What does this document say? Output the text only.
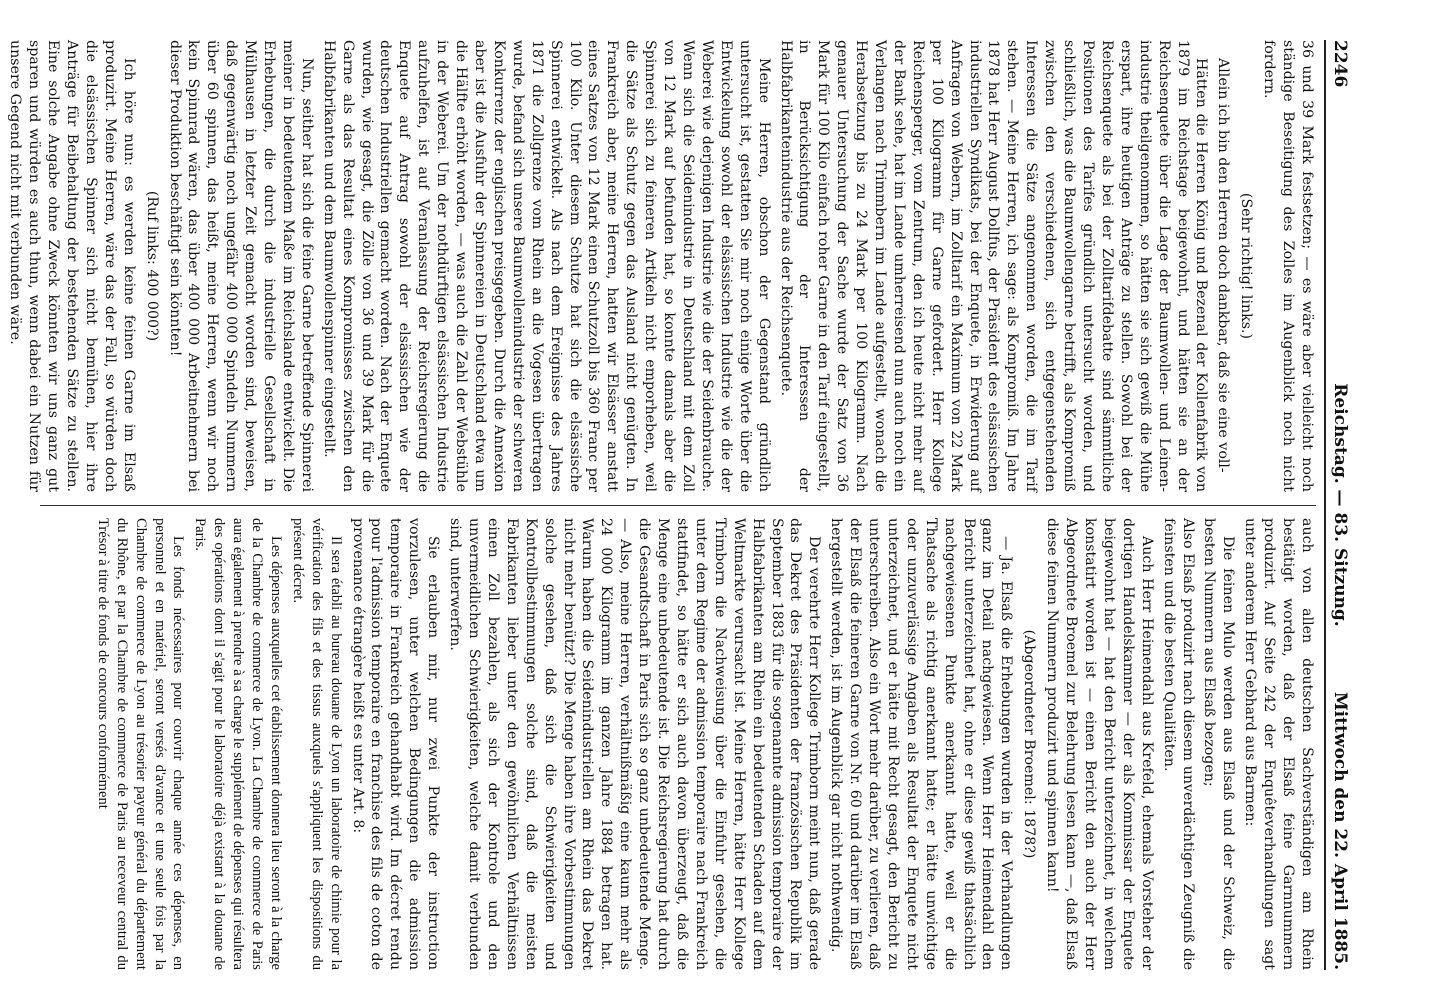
2246
Reichstag. — 83. Sitzung.
Mittwoch den 22. April 1885.

36 und 39 Mark festsetzen; — es wäre aber vielleicht noch ständige Beseitigung des Zolles im Augenblick noch nicht fordern.

(Sehr richtig! links.)

Allein ich bin den Herren doch dankbar, daß sie eine voll-

Hätten die Herren König und Bezenal der Kollenfabrik von 1879 im Reichstage beigewohnt, und hätten sie an der Reichsenquete über die Lage der Baumwollen- und Leinen-industrie theilgenommen, so hätten sie sich gewiß die Mühe erspart, ihre heutigen Anträge zu stellen. Sowohl bei der Reichsenquete als bei der Zolltarifdebatte sind sämmtliche Positionen des Tarifes gründlich untersucht worden, und schließlich, was die Baumwollengarne betrifft, als Kompromiß zwischen den verschiedenen, sich entgegenstehenden Interessen die Sätze angenommen worden, die im Tarif stehen. — Meine Herren, ich sage: als Kompromiß. Im Jahre 1878 hat Herr August Dollfus, der Präsident des elsässischen industriellen Syndikats, bei der Enquete, in Erwiderung auf Anfragen von Webern, im Zolltarif ein Maximum von 22 Mark per 100 Kilogramm für Garne gefordert. Herr Kollege Reichensperger, vom Zentrum, den ich heute nicht mehr auf der Bank sehe, hat im Lande umherreisend nun auch noch ein Verlangen nach Trimmbern im Lande aufgestellt, wonach die Herabsetzung bis zu 24 Mark per 100 Kilogramm. Nach genauer Untersuchung der Sache wurde der Satz von 36 Mark für 100 Kilo einfach roher Garne in den Tarif eingestellt, in Berücksichtigung der Interessen der Halbfabrikantenindustrie aus der Reichsenquete.

Meine Herren, obschon der Gegenstand gründlich untersucht ist, gestatten Sie mir noch einige Worte über die Entwickelung sowohl der elsässischen Industrie wie die der Weberei wie derjenigen Industrie wie die der Seidenbrauche. Wenn sich die Seidenindustrie in Deutschland mit dem Zoll von 12 Mark auf befunden hat, so konnte damals aber die Spinnerei sich zu feineren Artikeln nicht emporheben, weil die Sätze als Schutz gegen das Ausland nicht genügten. In Frankreich aber, meine Herren, hatten wir Elsässer anstatt eines Satzes von 12 Mark einen Schutzzoll bis 360 Franc per 100 Kilo. Unter diesem Schutze hat sich die elsässische Spinnerei entwickelt. Als nach dem Ereignisse des Jahres 1871 die Zollgrenze vom Rhein an die Vogesen übertragen wurde, befand sich unsere Baumwollenindustrie der schweren Konkurrenz der englischen preisgegeben. Durch die Annexion aber ist die Ausfuhr der Spinnereien in Deutschland etwa um die Hälfte erhöht worden, — was auch die Zahl der Webstühle in der Weberei. Um der nothdürftigen elsässischen Industrie aufzuhelfen, ist auf Veranlassung der Reichsregierung die Enquete auf Antrag sowohl der elsässischen wie der deutschen Industriellen gemacht worden. Nach der Enquete wurden, wie gesagt, die Zölle von 36 und 39 Mark für die Garne als das Resultat eines Kompromisses zwischen den Halbfabrikanten und dem Baumwollenspinner eingestellt.

Nun, seither hat sich die feine Garne betreffende Spinnerei meiner in bedeutendem Maße im Reichslande entwickelt. Die Erhebungen, die durch die industrielle Gesellschaft in Mülhausen in letzter Zeit gemacht worden sind, beweisen, daß gegenwärtig noch ungefähr 400 000 Spindeln Nummern über 60 spinnen, das heißt, meine Herren, wenn wir noch kein Spinnrad wären, das über 400 000 Arbeitnehmern bei dieser Produktion beschäftigt sein könnten!

(Ruf links: 400 000?)

Ich höre nun: es werden keine feinen Garne im Elsaß produzirt. Meine Herren, wäre das der Fall, so würden doch die elsässischen Spinner sich nicht bemühen, hier ihre Anträge für Beibehaltung der bestehenden Sätze zu stellen. Eine solche Angabe ohne Zweck könnten wir uns ganz gut sparen und würden es auch thun, wenn dabei ein Nutzen für unsere Gegend nicht mit verbunden wäre.

auch von allen deutschen Sachverständigen am Rhein bestätigt worden, daß der Elsaß feine Garnnummern produzirt. Auf Seite 242 der Enquêteverhandlungen sagt unter anderem Herr Gebhard aus Barmen:

Die feinen Mulo werden aus Elsaß und der Schweiz, die besten Nummern aus Elsaß bezogen;

Also Elsaß produzirt nach diesem unverdächtigen Zeugniß die feinsten und die besten Qualitäten.

Auch Herr Heimendahl aus Krefeld, ehemals Vorsteher der dortigen Handelskammer — der als Kommissar der Enquete beigewohnt hat — hat den Bericht unterzeichnet, in welchem konstatirt worden ist — einen Bericht den auch der Herr Abgeordnete Broemel zur Belehrung lesen kann —, daß Elsaß diese feinen Nummern produzirt und spinnen kann!

(Abgeordneter Broemel: 1878?)

— Ja. Elsaß die Erhebungen wurden in der Verhandlungen ganz im Detail nachgewiesen. Wenn Herr Heimendahl den Bericht unterzeichnet hat, ohne er diese gewiß thatsächlich nachgewiesenen Punkte anerkannt hatte, weil er die Thatsache als richtig anerkannt hatte; er hätte unwichtige oder unzuverlässige Angaben als Resultat der Enquete nicht unterzeichnet, und er hätte mit Recht gesagt, den Bericht zu unterschreiben. Also ein Wort mehr darüber, zu verlieren, daß der Elsaß die feineren Garne von Nr. 60 und darüber im Elsaß hergestellt werden, ist im Augenblick gar nicht nothwendig.

Der verehrte Herr Kollege Trimborn meint nun, daß gerade das Dekret des Präsidenten der französischen Republik im September 1883 für die sogenannte admission temporaire der Halbfabrikanten am Rhein ein bedeutenden Schaden auf dem Weltmarkte verursacht ist. Meine Herren, hätte Herr Kollege Trimborn die Nachweisung über die Einfuhr gesehen, die unter dem Regime der admission temporaire nach Frankreich stattfindet, so hätte er sich auch davon überzeugt, daß die Menge eine unbedeutende ist. Die Reichsregierung hat durch die Gesandtschaft in Paris sich so ganz unbedeutende Menge. — Also, meine Herren, verhältnißmäßig eine kaum mehr als 24 000 Kilogramm im ganzen Jahre 1884 betragen hat. Warum haben die Seidenindustriellen am Rhein das Dekret nicht mehr benützt? Die Menge haben ihre Vorbestimmungen solche gesehen, daß sich die Schwierigkeiten und Kontrollbestimmungen solche sind, daß die meisten Fabrikanten lieber unter den gewöhnlichen Verhältnissen einen Zoll bezahlen, als sich der Kontrole und den unvermeidlichen Schwierigkeiten, welche damit verbunden sind, unterwerfen.

Sie erlauben mir, nur zwei Punkte der instruction vorzulesen, unter welchen Bedingungen die admission temporaire in Frankreich gehandhabt wird. Im décret rendu pour l'admission temporaire en franchise des fils de coton de provenance étrangère heißt es unter Art. 8:

Il sera établi au bureau douane de Lyon un laboratoire de chimie pour la vérification des fils et des tissus auxquels s'appliquent les dispositions du présent décret.

Les dépenses auxquelles cet établissement donnera lieu seront à la charge de la Chambre de commerce de Lyon. La Chambre de commerce de Paris aura également à prendre à sa charge le supplément de dépenses qui résultera des opérations dont il s'agit pour le laboratoire déjà existant à la douane de Paris.

Les fonds nécessaires pour couvrir chaque année ces dépenses, en personnel et en matériel, seront versés d'avance et une seule fois par la Chambre de commerce de Lyon au trésorier payeur général du département du Rhône, et par la Chambre de commerce de Paris au receveur central du Trésor à titre de fonds de concours conformément
